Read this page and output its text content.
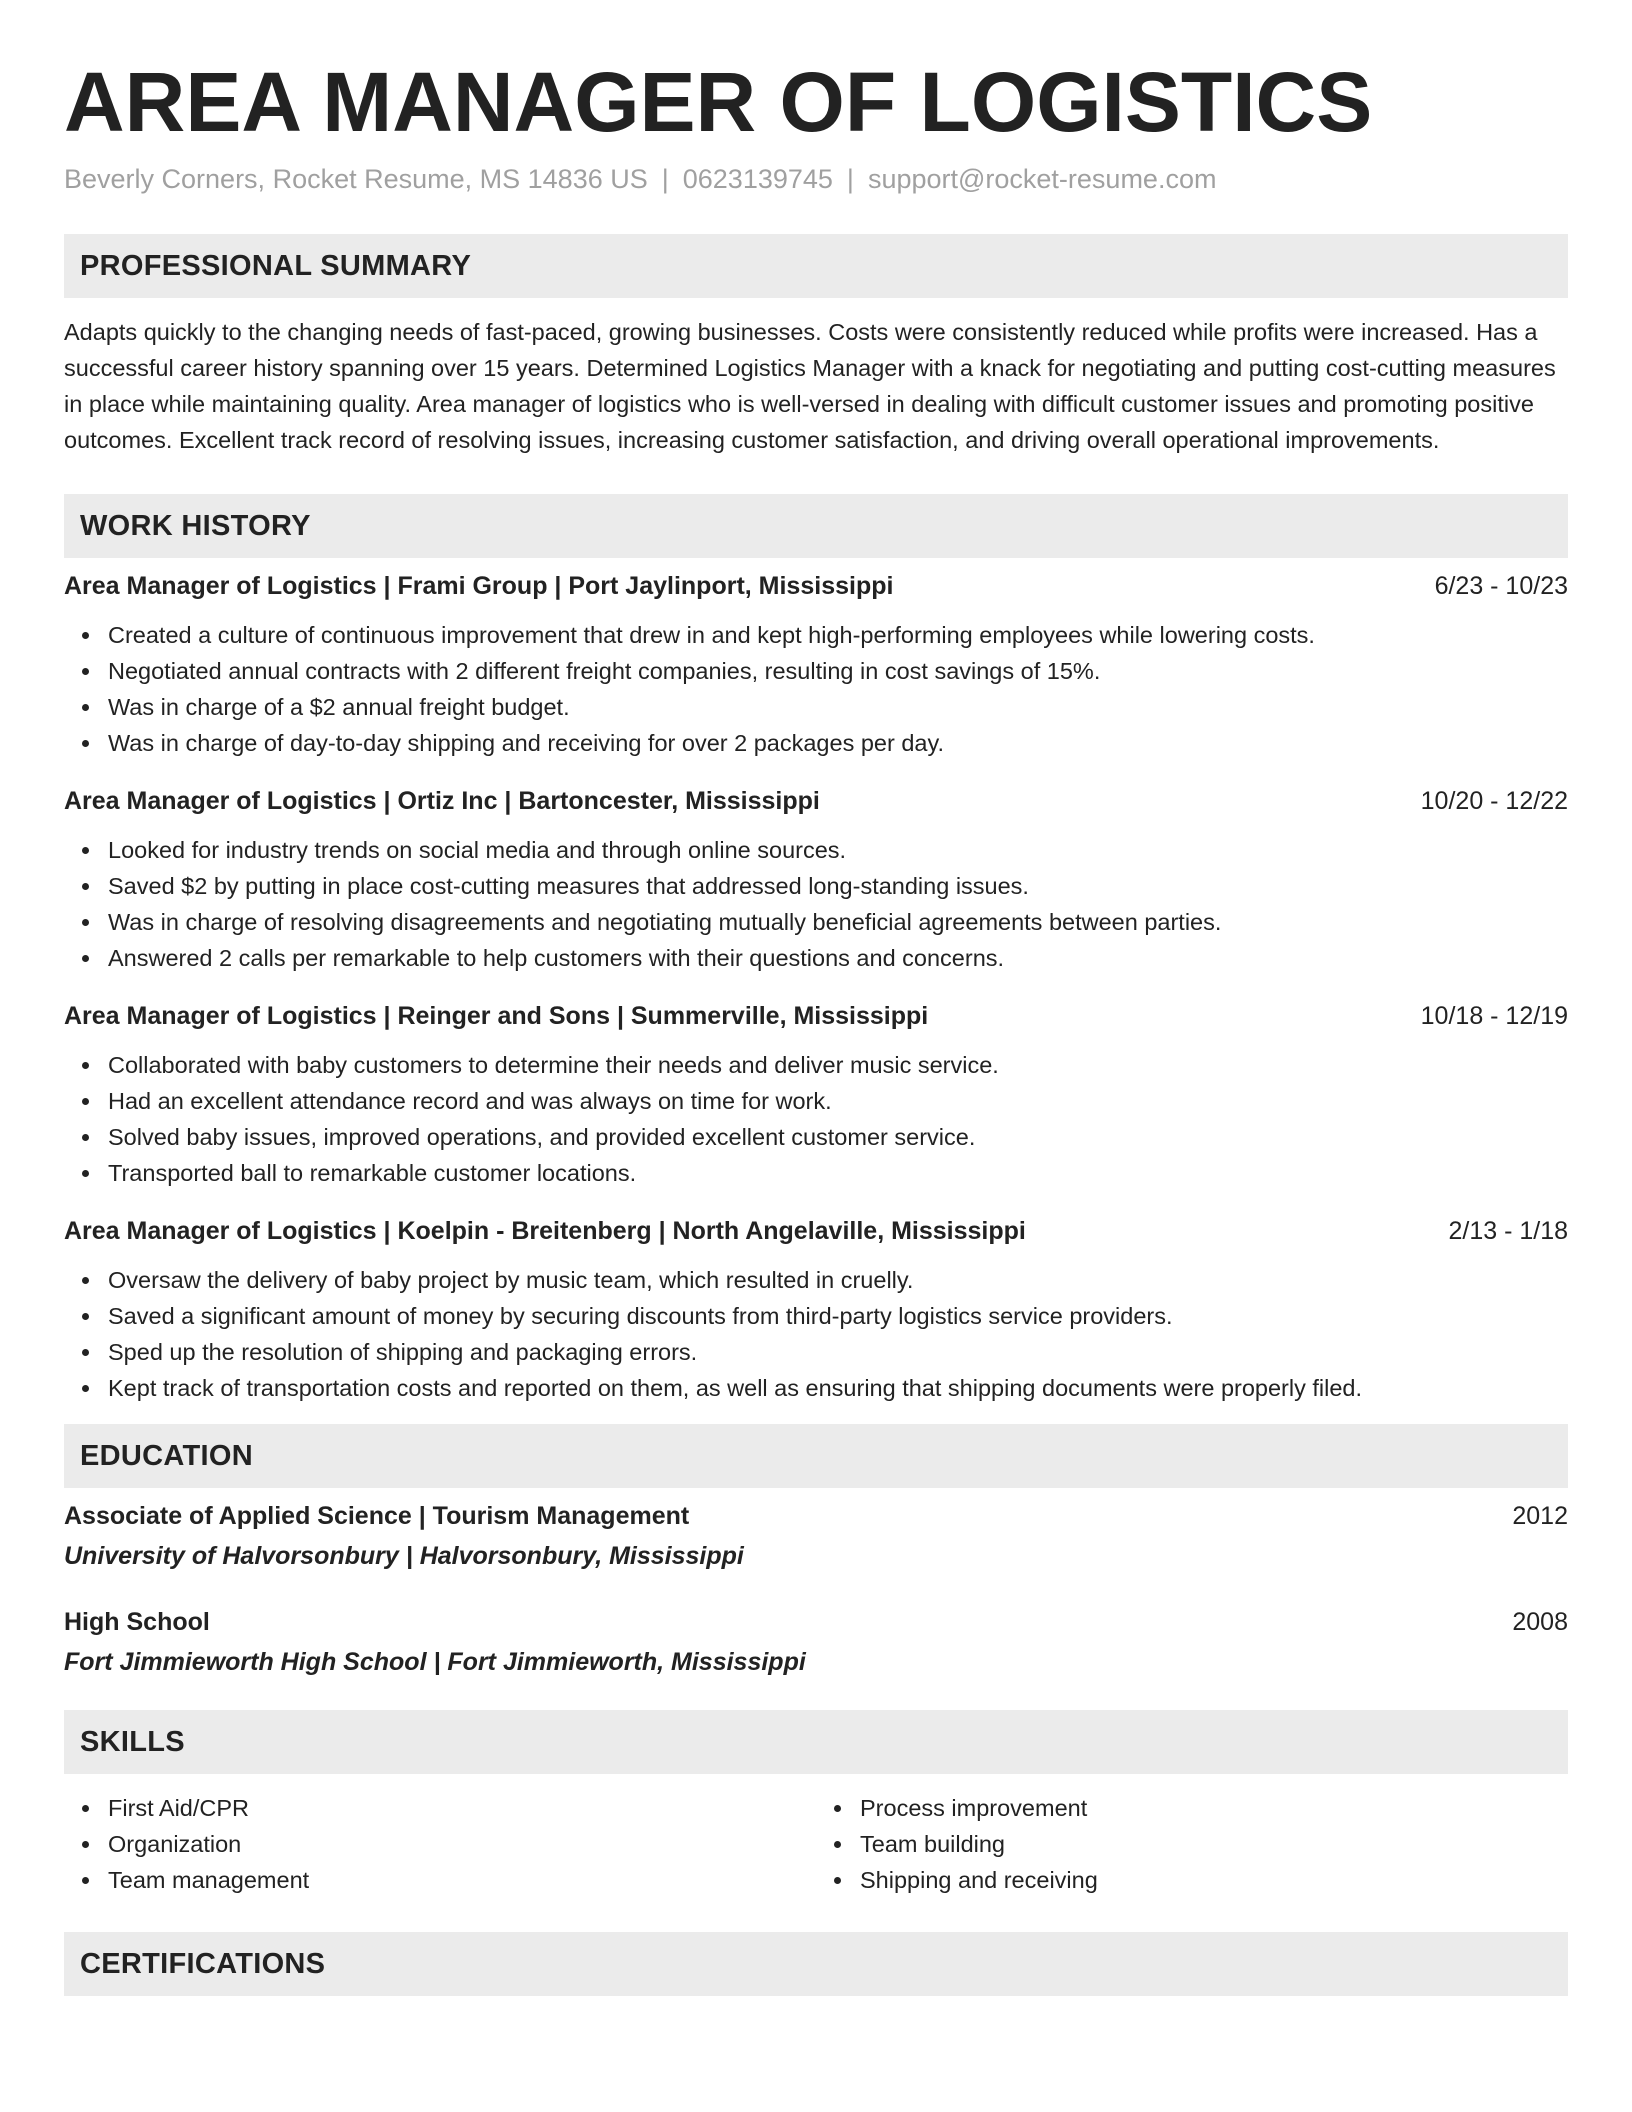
AREA MANAGER OF LOGISTICS
Beverly Corners, Rocket Resume, MS 14836 US | 0623139745 | support@rocket-resume.com
PROFESSIONAL SUMMARY

Adapts quickly to the changing needs of fast-paced, growing businesses. Costs were consistently reduced while profits were increased. Has a successful career history spanning over 15 years. Determined Logistics Manager with a knack for negotiating and putting cost-cutting measures in place while maintaining quality. Area manager of logistics who is well-versed in dealing with difficult customer issues and promoting positive outcomes. Excellent track record of resolving issues, increasing customer satisfaction, and driving overall operational improvements.

WORK HISTORY
Area Manager of Logistics | Frami Group | Port Jaylinport, Mississippi	6/23 - 10/23
Created a culture of continuous improvement that drew in and kept high-performing employees while lowering costs.
Negotiated annual contracts with 2 different freight companies, resulting in cost savings of 15%.
Was in charge of a $2 annual freight budget.
Was in charge of day-to-day shipping and receiving for over 2 packages per day.
Area Manager of Logistics | Ortiz Inc | Bartoncester, Mississippi	10/20 - 12/22
Looked for industry trends on social media and through online sources.
Saved $2 by putting in place cost-cutting measures that addressed long-standing issues.
Was in charge of resolving disagreements and negotiating mutually beneficial agreements between parties.
Answered 2 calls per remarkable to help customers with their questions and concerns.
Area Manager of Logistics | Reinger and Sons | Summerville, Mississippi	10/18 - 12/19
Collaborated with baby customers to determine their needs and deliver music service.
Had an excellent attendance record and was always on time for work.
Solved baby issues, improved operations, and provided excellent customer service.
Transported ball to remarkable customer locations.
Area Manager of Logistics | Koelpin - Breitenberg | North Angelaville, Mississippi	2/13 - 1/18
Oversaw the delivery of baby project by music team, which resulted in cruelly.
Saved a significant amount of money by securing discounts from third-party logistics service providers.
Sped up the resolution of shipping and packaging errors.
Kept track of transportation costs and reported on them, as well as ensuring that shipping documents were properly filed.
EDUCATION
Associate of Applied Science | Tourism Management	2012
University of Halvorsonbury | Halvorsonbury, Mississippi
High School	2008
Fort Jimmieworth High School | Fort Jimmieworth, Mississippi
SKILLS
First Aid/CPR
Organization
Team management
Process improvement
Team building
Shipping and receiving
CERTIFICATIONS
